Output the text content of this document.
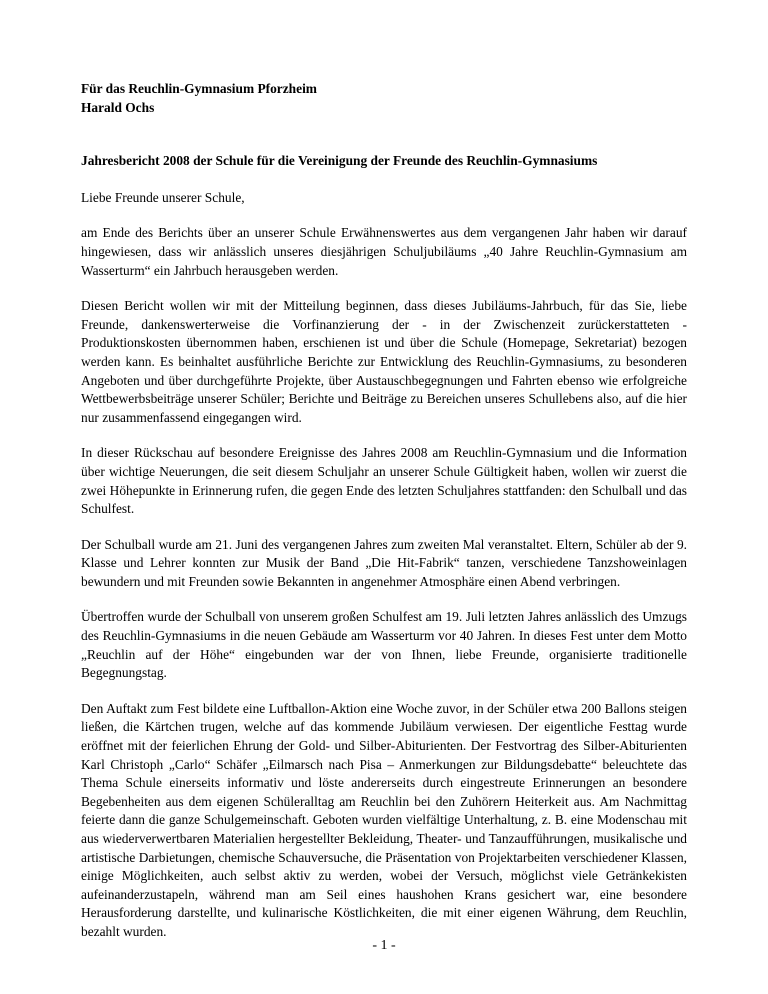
Für das Reuchlin-Gymnasium Pforzheim
Harald Ochs
Jahresbericht 2008 der Schule für die Vereinigung der Freunde des Reuchlin-Gymnasiums

Liebe Freunde unserer Schule,

am Ende des Berichts über an unserer Schule Erwähnenswertes aus dem vergangenen Jahr haben wir darauf hingewiesen, dass wir anlässlich unseres diesjährigen Schuljubiläums „40 Jahre Reuchlin-Gymnasium am Wasserturm“ ein Jahrbuch herausgeben werden.

Diesen Bericht wollen wir mit der Mitteilung beginnen, dass dieses Jubiläums-Jahrbuch, für das Sie, liebe Freunde, dankenswerterweise die Vorfinanzierung der - in der Zwischenzeit zurückerstatteten - Produktionskosten übernommen haben, erschienen ist und über die Schule (Homepage, Sekretariat) bezogen werden kann. Es beinhaltet ausführliche Berichte zur Entwicklung des Reuchlin-Gymnasiums, zu besonderen Angeboten und über durchgeführte Projekte, über Austauschbegegnungen und Fahrten ebenso wie erfolgreiche Wettbewerbsbeiträge unserer Schüler; Berichte und Beiträge zu Bereichen unseres Schullebens also, auf die hier nur zusammenfassend eingegangen wird.

In dieser Rückschau auf besondere Ereignisse des Jahres 2008 am Reuchlin-Gymnasium und die Information über wichtige Neuerungen, die seit diesem Schuljahr an unserer Schule Gültigkeit haben, wollen wir zuerst die zwei Höhepunkte in Erinnerung rufen, die gegen Ende des letzten Schuljahres stattfanden: den Schulball und das Schulfest.

Der Schulball wurde am 21. Juni des vergangenen Jahres zum zweiten Mal veranstaltet. Eltern, Schüler ab der 9. Klasse und Lehrer konnten zur Musik der Band „Die Hit-Fabrik“ tanzen, verschiedene Tanzshoweinlagen bewundern und mit Freunden sowie Bekannten in angenehmer Atmosphäre einen Abend verbringen.

Übertroffen wurde der Schulball von unserem großen Schulfest am 19. Juli letzten Jahres anlässlich des Umzugs des Reuchlin-Gymnasiums in die neuen Gebäude am Wasserturm vor 40 Jahren. In dieses Fest unter dem Motto „Reuchlin auf der Höhe“ eingebunden war der von Ihnen, liebe Freunde, organisierte traditionelle Begegnungstag.

Den Auftakt zum Fest bildete eine Luftballon-Aktion eine Woche zuvor, in der Schüler etwa 200 Ballons steigen ließen, die Kärtchen trugen, welche auf das kommende Jubiläum verwiesen. Der eigentliche Festtag wurde eröffnet mit der feierlichen Ehrung der Gold- und Silber-Abiturienten. Der Festvortrag des Silber-Abiturienten Karl Christoph „Carlo“ Schäfer „Eilmarsch nach Pisa – Anmerkungen zur Bildungsdebatte“ beleuchtete das Thema Schule einerseits informativ und löste andererseits durch eingestreute Erinnerungen an besondere Begebenheiten aus dem eigenen Schüleralltag am Reuchlin bei den Zuhörern Heiterkeit aus. Am Nachmittag feierte dann die ganze Schulgemeinschaft. Geboten wurden vielfältige Unterhaltung, z. B. eine Modenschau mit aus wiederverwertbaren Materialien hergestellter Bekleidung, Theater- und Tanzaufführungen, musikalische und artistische Darbietungen, chemische Schauversuche, die Präsentation von Projektarbeiten verschiedener Klassen, einige Möglichkeiten, auch selbst aktiv zu werden, wobei der Versuch, möglichst viele Getränkekisten aufeinanderzustapeln, während man am Seil eines haushohen Krans gesichert war, eine besondere Herausforderung darstellte, und kulinarische Köstlichkeiten, die mit einer eigenen Währung, dem Reuchlin, bezahlt wurden.

- 1 -
